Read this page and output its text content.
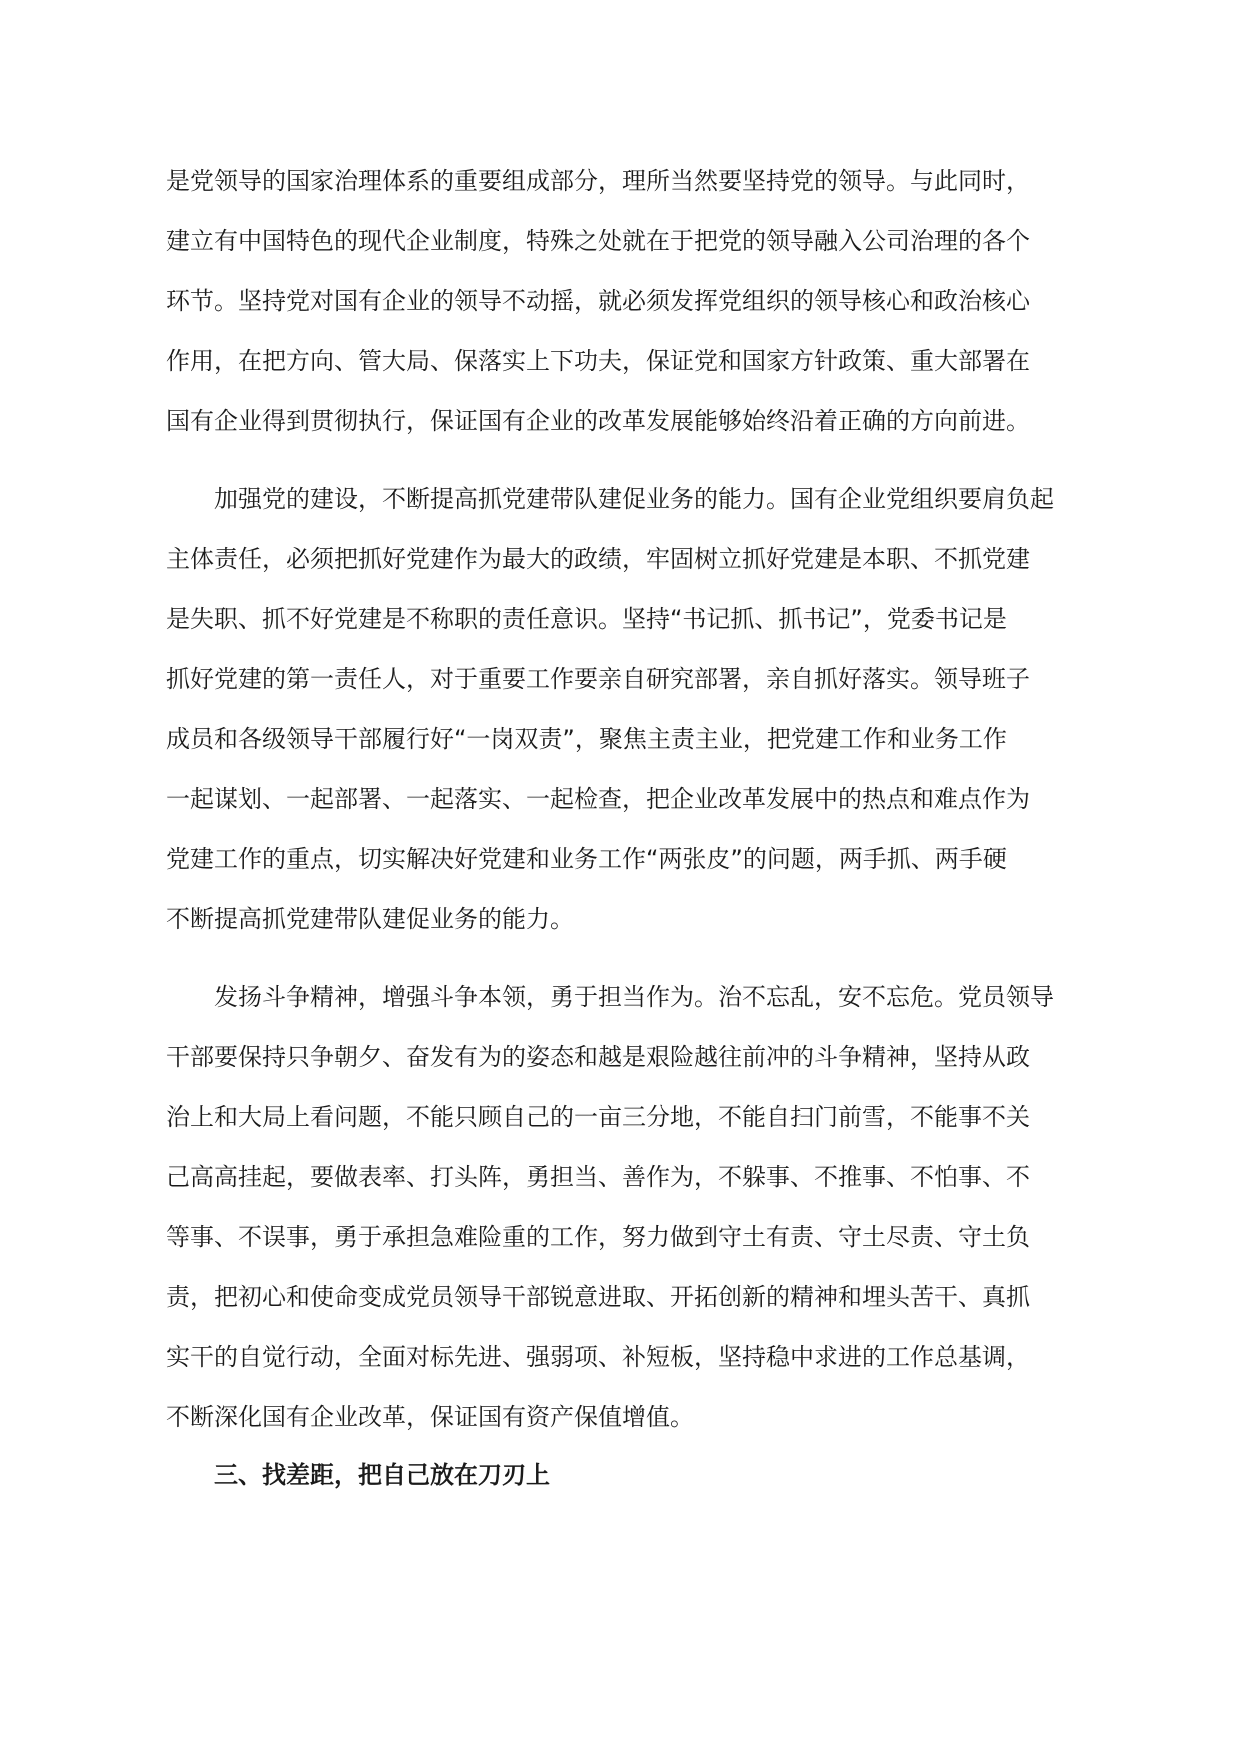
是党领导的国家治理体系的重要组成部分，理所当然要坚持党的领导。与此同时，
建立有中国特色的现代企业制度，特殊之处就在于把党的领导融入公司治理的各个
环节。坚持党对国有企业的领导不动摇，就必须发挥党组织的领导核心和政治核心
作用，在把方向、管大局、保落实上下功夫，保证党和国家方针政策、重大部署在
国有企业得到贯彻执行，保证国有企业的改革发展能够始终沿着正确的方向前进。
加强党的建设，不断提高抓党建带队建促业务的能力。国有企业党组织要肩负起
主体责任，必须把抓好党建作为最大的政绩，牢固树立抓好党建是本职、不抓党建
是失职、抓不好党建是不称职的责任意识。坚持“书记抓、抓书记”，党委书记是
抓好党建的第一责任人，对于重要工作要亲自研究部署，亲自抓好落实。领导班子
成员和各级领导干部履行好“一岗双责”，聚焦主责主业，把党建工作和业务工作
一起谋划、一起部署、一起落实、一起检查，把企业改革发展中的热点和难点作为
党建工作的重点，切实解决好党建和业务工作“两张皮”的问题，两手抓、两手硬
不断提高抓党建带队建促业务的能力。
发扬斗争精神，增强斗争本领，勇于担当作为。治不忘乱，安不忘危。党员领导
干部要保持只争朝夕、奋发有为的姿态和越是艰险越往前冲的斗争精神，坚持从政
治上和大局上看问题，不能只顾自己的一亩三分地，不能自扫门前雪，不能事不关
己高高挂起，要做表率、打头阵，勇担当、善作为，不躲事、不推事、不怕事、不
等事、不误事，勇于承担急难险重的工作，努力做到守土有责、守土尽责、守土负
责，把初心和使命变成党员领导干部锐意进取、开拓创新的精神和埋头苦干、真抓
实干的自觉行动，全面对标先进、强弱项、补短板，坚持稳中求进的工作总基调，
不断深化国有企业改革，保证国有资产保值增值。
三、找差距，把自己放在刀刃上
